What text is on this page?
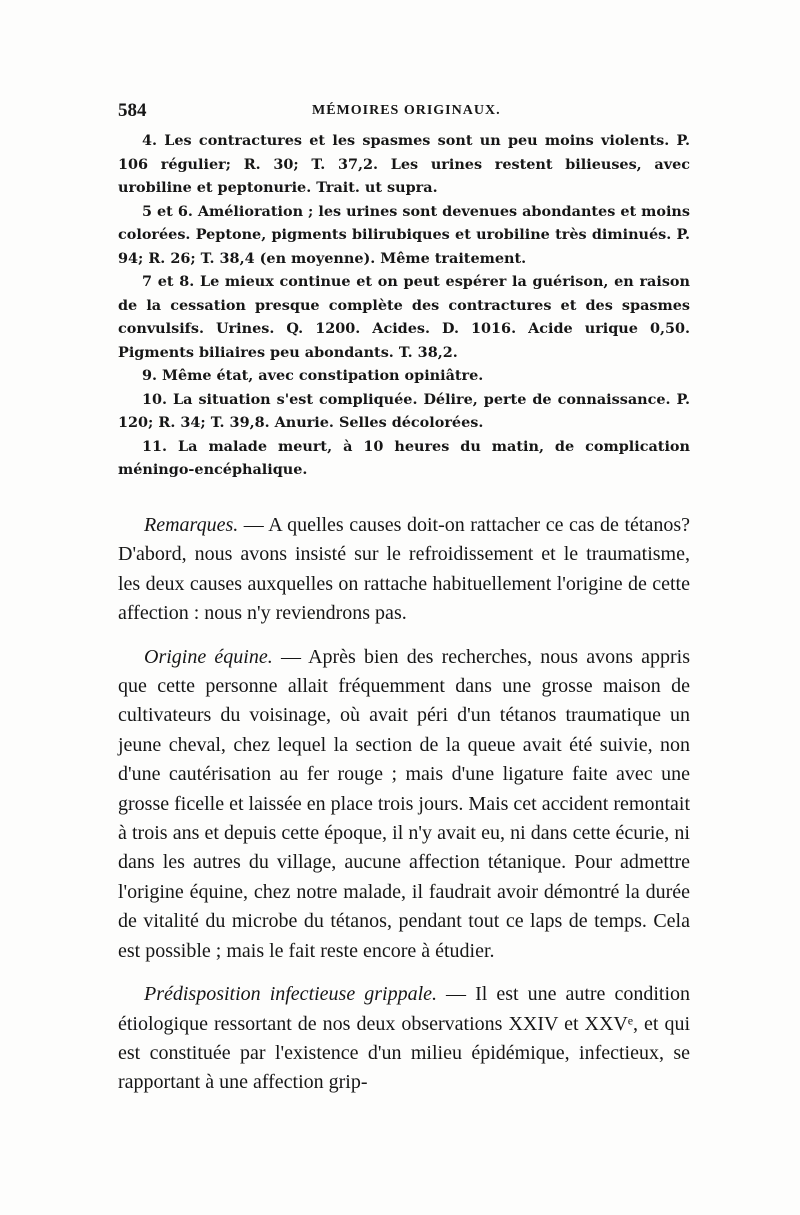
584	MÉMOIRES ORIGINAUX.

4. Les contractures et les spasmes sont un peu moins violents. P. 106 régulier; R. 30; T. 37,2. Les urines restent bilieuses, avec urobiline et peptonurie. Trait. ut supra.

5 et 6. Amélioration ; les urines sont devenues abondantes et moins colorées. Peptone, pigments bilirubiques et urobiline très diminués. P. 94; R. 26; T. 38,4 (en moyenne). Même traitement.

7 et 8. Le mieux continue et on peut espérer la guérison, en raison de la cessation presque complète des contractures et des spasmes convulsifs. Urines. Q. 1200. Acides. D. 1016. Acide urique 0,50. Pigments biliaires peu abondants. T. 38,2.

9. Même état, avec constipation opiniâtre.

10. La situation s'est compliquée. Délire, perte de connaissance. P. 120; R. 34; T. 39,8. Anurie. Selles décolorées.

11. La malade meurt, à 10 heures du matin, de complication méningo-encéphalique.

Remarques. — A quelles causes doit-on rattacher ce cas de tétanos? D'abord, nous avons insisté sur le refroidissement et le traumatisme, les deux causes auxquelles on rattache habituellement l'origine de cette affection : nous n'y reviendrons pas.

Origine équine. — Après bien des recherches, nous avons appris que cette personne allait fréquemment dans une grosse maison de cultivateurs du voisinage, où avait péri d'un tétanos traumatique un jeune cheval, chez lequel la section de la queue avait été suivie, non d'une cautérisation au fer rouge ; mais d'une ligature faite avec une grosse ficelle et laissée en place trois jours. Mais cet accident remontait à trois ans et depuis cette époque, il n'y avait eu, ni dans cette écurie, ni dans les autres du village, aucune affection tétanique. Pour admettre l'origine équine, chez notre malade, il faudrait avoir démontré la durée de vitalité du microbe du tétanos, pendant tout ce laps de temps. Cela est possible ; mais le fait reste encore à étudier.

Prédisposition infectieuse grippale. — Il est une autre condition étiologique ressortant de nos deux observations XXIV et XXVᵉ, et qui est constituée par l'existence d'un milieu épidémique, infectieux, se rapportant à une affection grip-
